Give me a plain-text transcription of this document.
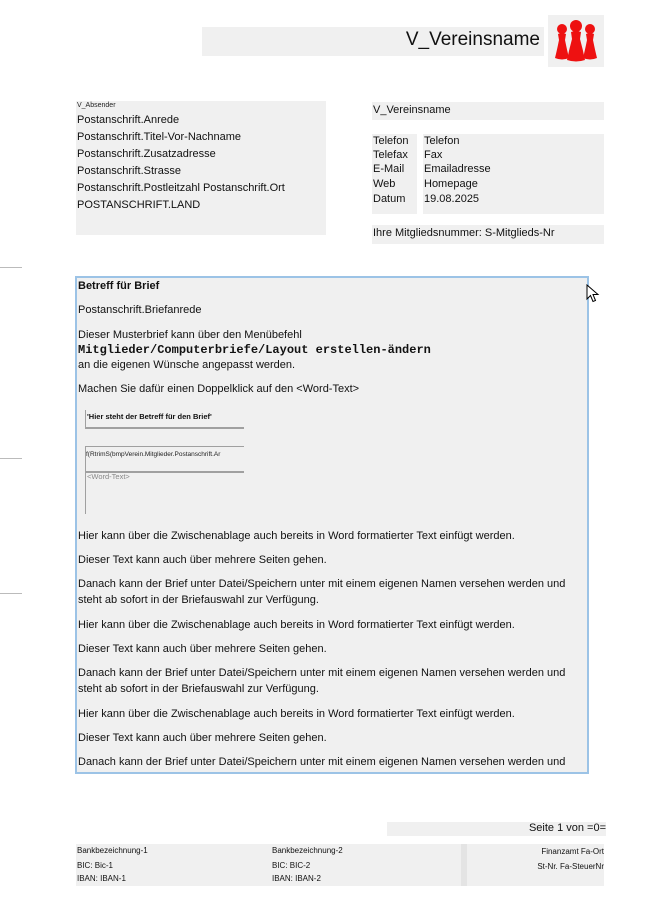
V_Vereinsname
V_Absender
Postanschrift.Anrede
Postanschrift.Titel-Vor-Nachname
Postanschrift.Zusatzadresse
Postanschrift.Strasse
Postanschrift.Postleitzahl Postanschrift.Ort
POSTANSCHRIFT.LAND
V_Vereinsname
Telefon
Telefax
E-Mail
Web
Datum
Telefon
Fax
Emailadresse
Homepage
19.08.2025
Ihre Mitgliedsnummer: S-Mitglieds-Nr
Betreff für Brief
Postanschrift.Briefanrede
Dieser Musterbrief kann über den Menübefehl
Mitglieder/Computerbriefe/Layout erstellen-ändern
an die eigenen Wünsche angepasst werden.
Machen Sie dafür einen Doppelklick auf den <Word-Text>
'Hier steht der Betreff für den Brief'
f(RtrimS(bmpVerein.Mitglieder.Postanschrift.Ar
<Word-Text>
Hier kann über die Zwischenablage auch bereits in Word formatierter Text einfügt werden.
Dieser Text kann auch über mehrere Seiten gehen.
Danach kann der Brief unter Datei/Speichern unter mit einem eigenen Namen versehen werden und
steht ab sofort in der Briefauswahl zur Verfügung.
Hier kann über die Zwischenablage auch bereits in Word formatierter Text einfügt werden.
Dieser Text kann auch über mehrere Seiten gehen.
Danach kann der Brief unter Datei/Speichern unter mit einem eigenen Namen versehen werden und
steht ab sofort in der Briefauswahl zur Verfügung.
Hier kann über die Zwischenablage auch bereits in Word formatierter Text einfügt werden.
Dieser Text kann auch über mehrere Seiten gehen.
Danach kann der Brief unter Datei/Speichern unter mit einem eigenen Namen versehen werden und
Seite 1 von =0=
Bankbezeichnung-1
BIC: Bic-1
IBAN: IBAN-1
Bankbezeichnung-2
BIC: BIC-2
IBAN: IBAN-2
Finanzamt Fa-Ort
St-Nr. Fa-SteuerNr
